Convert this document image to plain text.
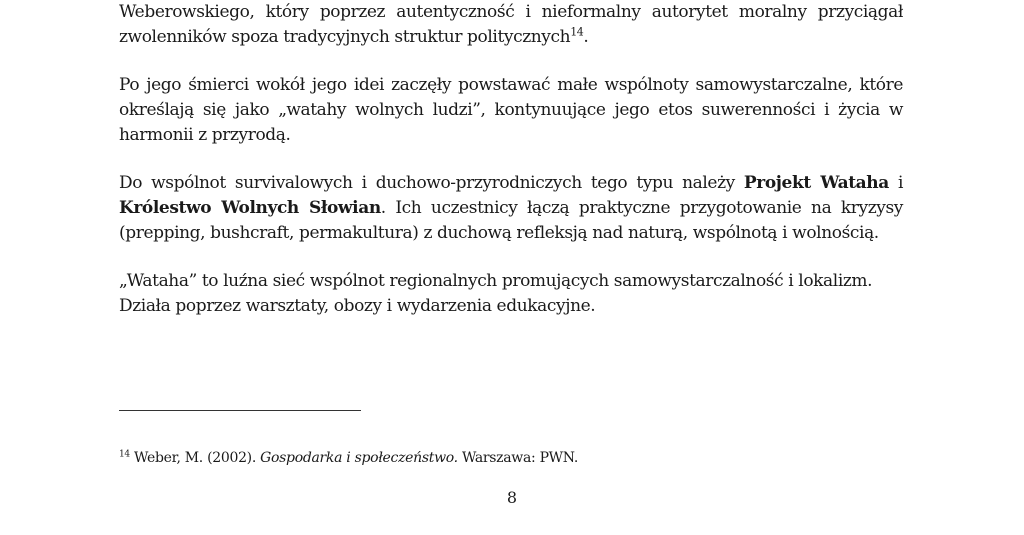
Weberowskiego, który poprzez autentyczność i nieformalny autorytet moralny przyciągał zwolenników spoza tradycyjnych struktur politycznych$^{14}$.

Po jego śmierci wokół jego idei zaczęły powstawać małe wspólnoty samowystarczalne, które określają się jako „watahy wolnych ludzi”, kontynuujące jego etos suwerenności i życia w harmonii z przyrodą.

Do wspólnot survivalowych i duchowo-przyrodniczych tego typu należy Projekt Wataha i Królestwo Wolnych Słowian. Ich uczestnicy łączą praktyczne przygotowanie na kryzysy (prepping, bushcraft, permakultura) z duchową refleksją nad naturą, wspólnotą i wolnością.

„Wataha” to luźna sieć wspólnot regionalnych promujących samowystarczalność i lokalizm. Działa poprzez warsztaty, obozy i wydarzenia edukacyjne.

$^{14}$ Weber, M. (2002). Gospodarka i społeczeństwo. Warszawa: PWN.
8
